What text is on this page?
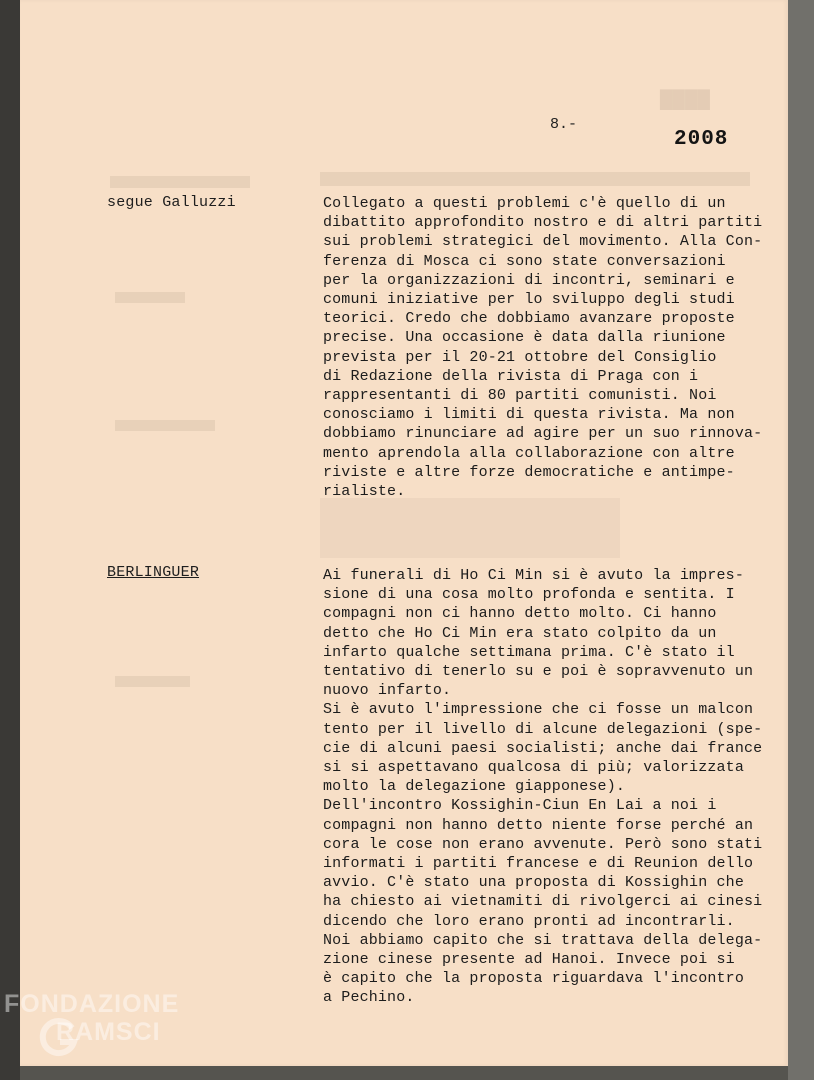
▇▇▇▇
8.-
2008
segue Galluzzi	Collegato a questi problemi c'è quello di un
dibattito approfondito nostro e di altri partiti
sui problemi strategici del movimento. Alla Con-
ferenza di Mosca ci sono state conversazioni
per la organizzazioni di incontri, seminari e
comuni iniziative per lo sviluppo degli studi
teorici. Credo che dobbiamo avanzare proposte
precise. Una occasione è data dalla riunione
prevista per il 20-21 ottobre del Consiglio
di Redazione della rivista di Praga con i
rappresentanti di 80 partiti comunisti. Noi
conosciamo i limiti di questa rivista. Ma non
dobbiamo rinunciare ad agire per un suo rinnova-
mento aprendola alla collaborazione con altre
riviste e altre forze democratiche e antimpe-
rialiste.
BERLINGUER	Ai funerali di Ho Ci Min si è avuto la impres-
sione di una cosa molto profonda e sentita. I
compagni non ci hanno detto molto. Ci hanno
detto che Ho Ci Min era stato colpito da un
infarto qualche settimana prima. C'è stato il
tentativo di tenerlo su e poi è sopravvenuto un
nuovo infarto.
Si è avuto l'impressione che ci fosse un malcon
tento per il livello di alcune delegazioni (spe-
cie di alcuni paesi socialisti; anche dai france
si si aspettavano qualcosa di più; valorizzata
molto la delegazione giapponese).
Dell'incontro Kossighin-Ciun En Lai a noi i
compagni non hanno detto niente forse perché an
cora le cose non erano avvenute. Però sono stati
informati i partiti francese e di Reunion dello
avvio. C'è stato una proposta di Kossighin che
ha chiesto ai vietnamiti di rivolgerci ai cinesi
dicendo che loro erano pronti ad incontrarli.
Noi abbiamo capito che si trattava della delega-
zione cinese presente ad Hanoi. Invece poi si
è capito che la proposta riguardava l'incontro
a Pechino.
FONDAZIONE
RAMSCI
